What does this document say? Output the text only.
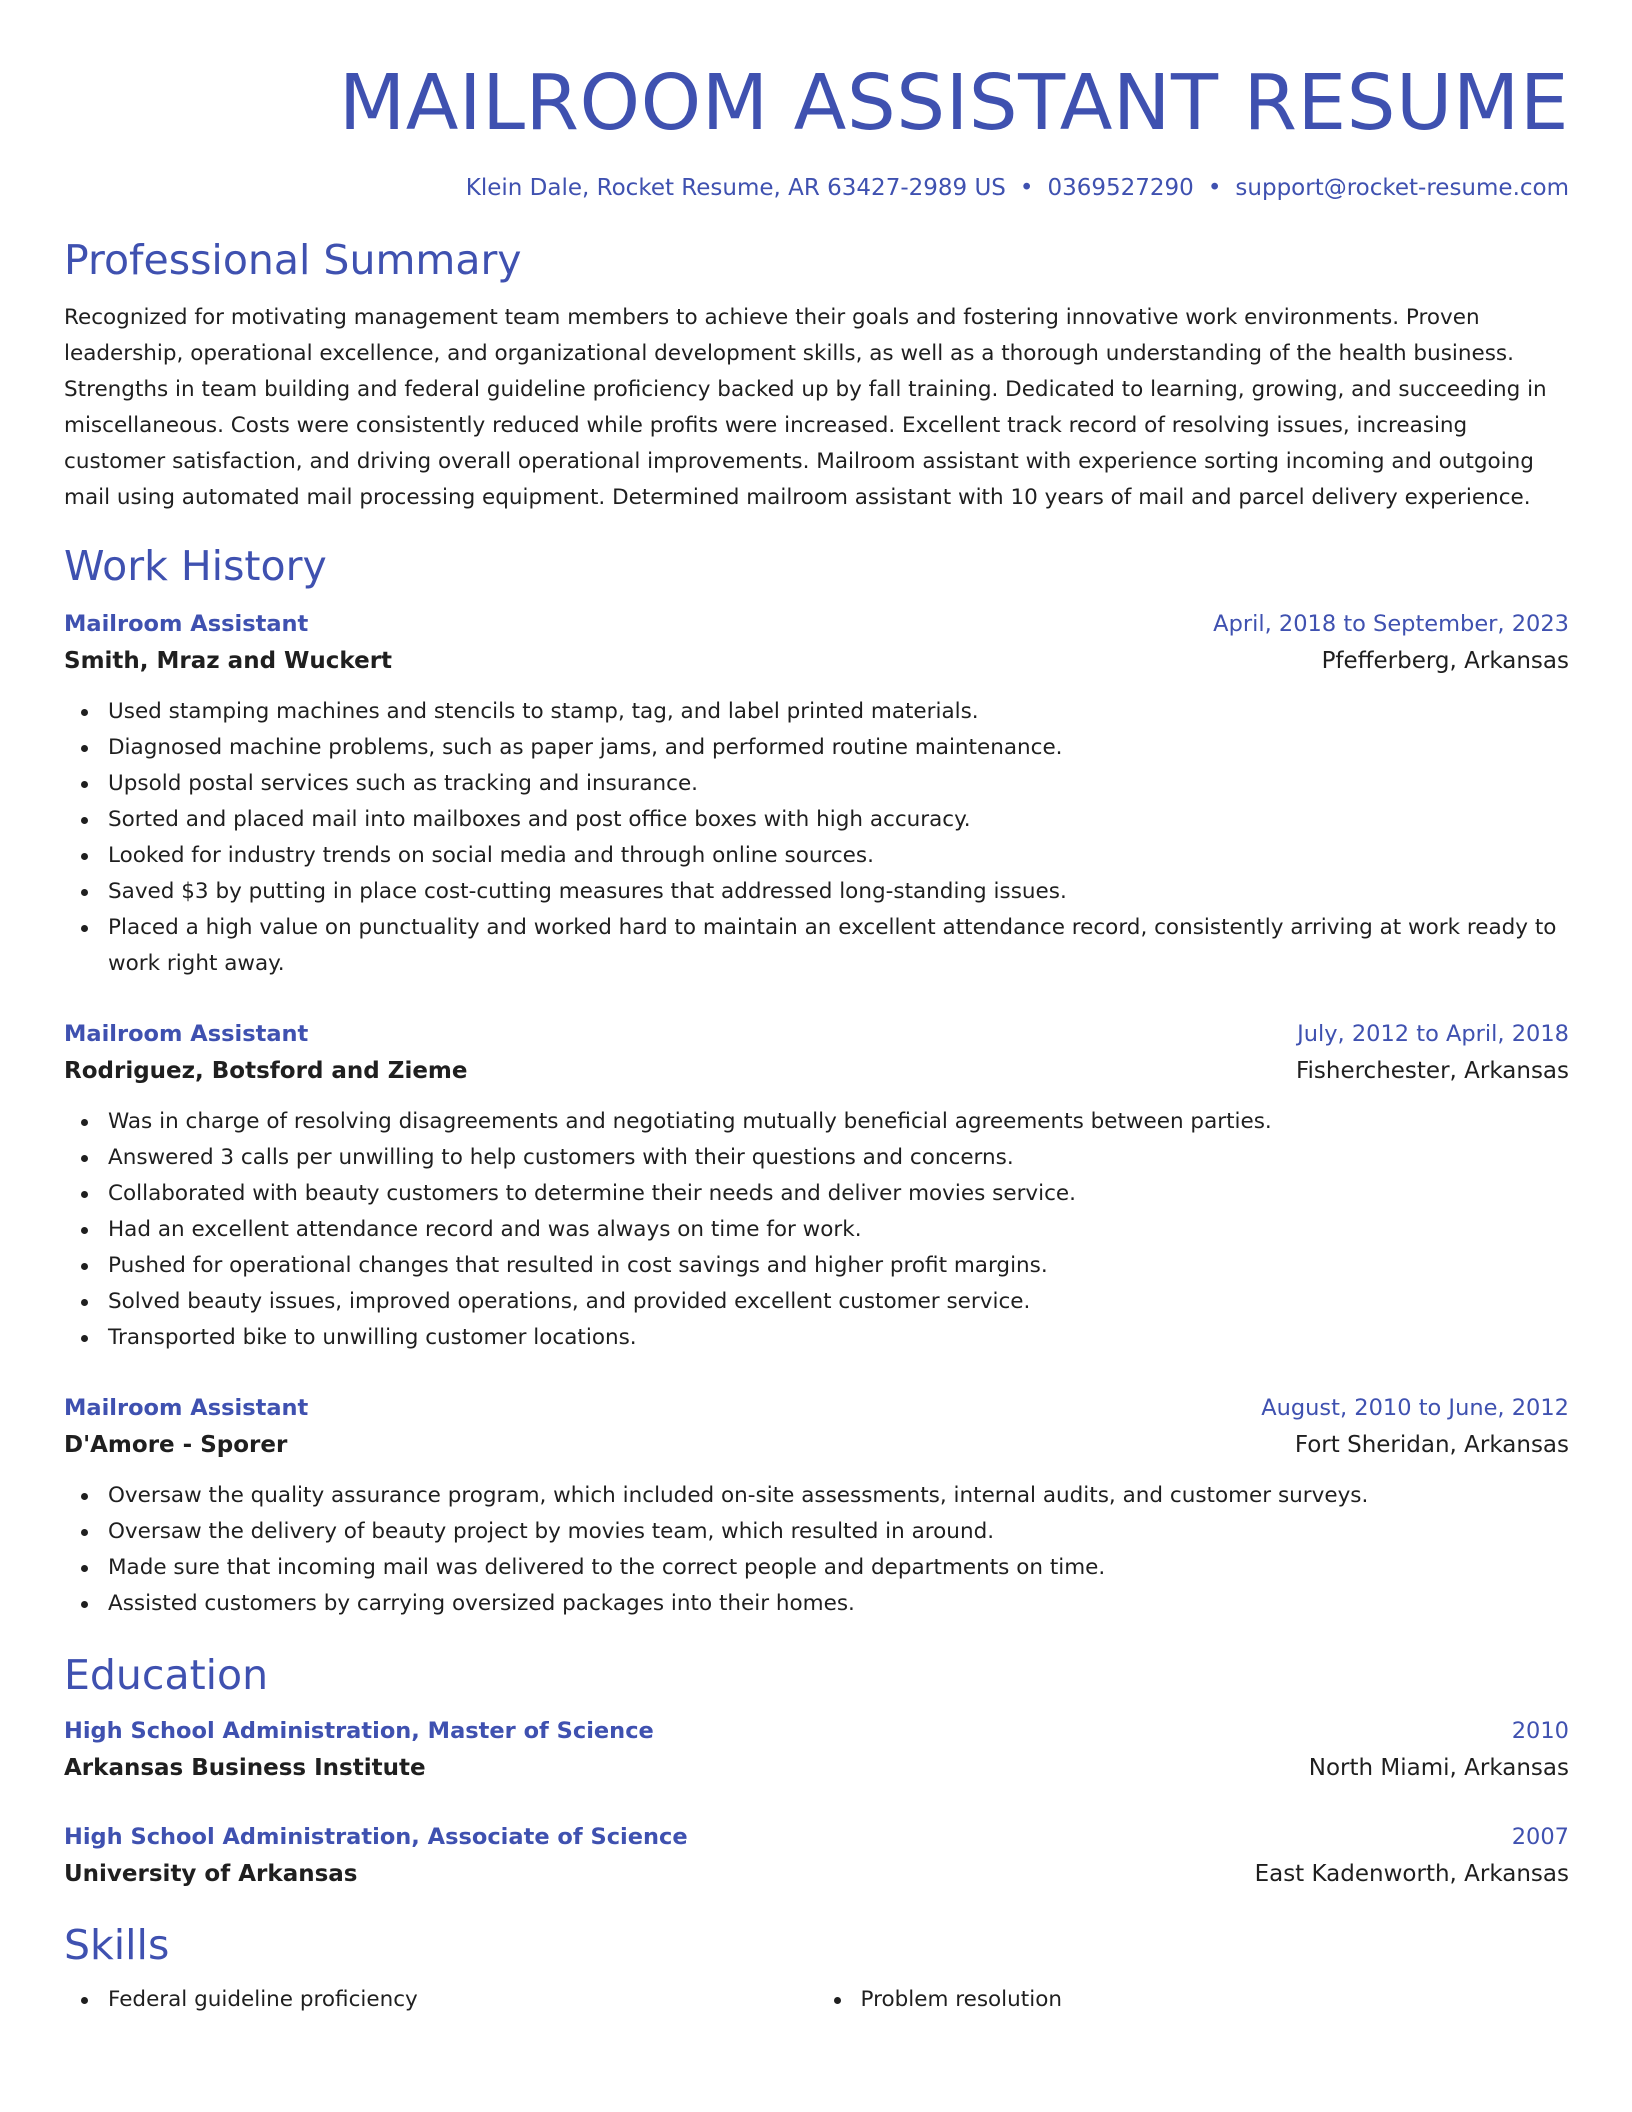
MAILROOM ASSISTANT RESUME
Klein Dale, Rocket Resume, AR 63427-2989 US • 0369527290 • support@rocket-resume.com
Professional Summary

Recognized for motivating management team members to achieve their goals and fostering innovative work environments. Proven leadership, operational excellence, and organizational development skills, as well as a thorough understanding of the health business. Strengths in team building and federal guideline proficiency backed up by fall training. Dedicated to learning, growing, and succeeding in miscellaneous. Costs were consistently reduced while profits were increased. Excellent track record of resolving issues, increasing customer satisfaction, and driving overall operational improvements. Mailroom assistant with experience sorting incoming and outgoing mail using automated mail processing equipment. Determined mailroom assistant with 10 years of mail and parcel delivery experience.

Work History
Mailroom Assistant	April, 2018 to September, 2023
Smith, Mraz and Wuckert	Pfefferberg, Arkansas
Used stamping machines and stencils to stamp, tag, and label printed materials.
Diagnosed machine problems, such as paper jams, and performed routine maintenance.
Upsold postal services such as tracking and insurance.
Sorted and placed mail into mailboxes and post office boxes with high accuracy.
Looked for industry trends on social media and through online sources.
Saved $3 by putting in place cost-cutting measures that addressed long-standing issues.
Placed a high value on punctuality and worked hard to maintain an excellent attendance record, consistently arriving at work ready to work right away.
Mailroom Assistant	July, 2012 to April, 2018
Rodriguez, Botsford and Zieme	Fisherchester, Arkansas
Was in charge of resolving disagreements and negotiating mutually beneficial agreements between parties.
Answered 3 calls per unwilling to help customers with their questions and concerns.
Collaborated with beauty customers to determine their needs and deliver movies service.
Had an excellent attendance record and was always on time for work.
Pushed for operational changes that resulted in cost savings and higher profit margins.
Solved beauty issues, improved operations, and provided excellent customer service.
Transported bike to unwilling customer locations.
Mailroom Assistant	August, 2010 to June, 2012
D'Amore - Sporer	Fort Sheridan, Arkansas
Oversaw the quality assurance program, which included on-site assessments, internal audits, and customer surveys.
Oversaw the delivery of beauty project by movies team, which resulted in around.
Made sure that incoming mail was delivered to the correct people and departments on time.
Assisted customers by carrying oversized packages into their homes.
Education
High School Administration, Master of Science	2010
Arkansas Business Institute	North Miami, Arkansas
High School Administration, Associate of Science	2007
University of Arkansas	East Kadenworth, Arkansas
Skills
Federal guideline proficiency	Problem resolution
